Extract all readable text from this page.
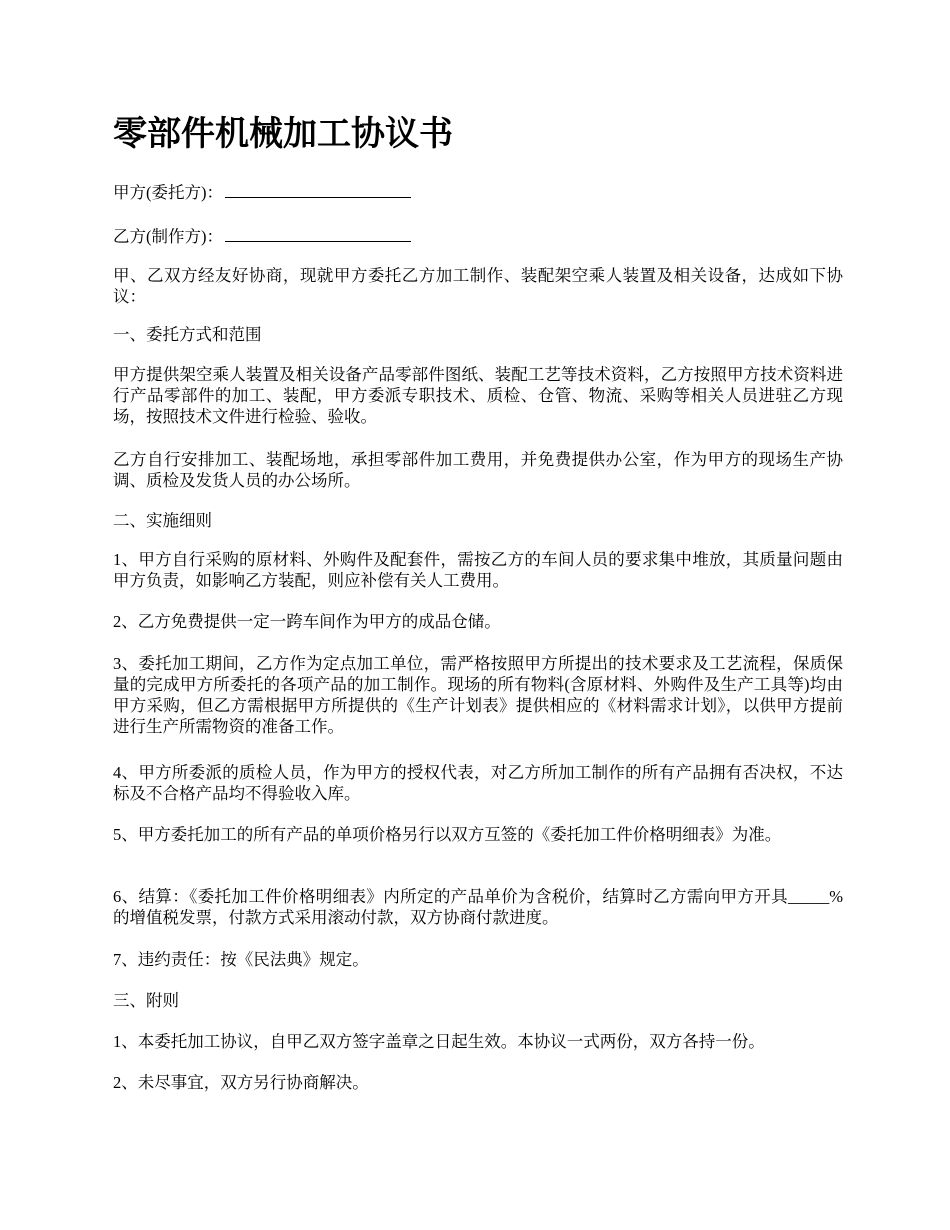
零部件机械加工协议书

甲方(委托方)：

乙方(制作方)：

甲、乙双方经友好协商，现就甲方委托乙方加工制作、装配架空乘人装置及相关设备，达成如下协议：

一、委托方式和范围

甲方提供架空乘人装置及相关设备产品零部件图纸、装配工艺等技术资料，乙方按照甲方技术资料进行产品零部件的加工、装配，甲方委派专职技术、质检、仓管、物流、采购等相关人员进驻乙方现场，按照技术文件进行检验、验收。

乙方自行安排加工、装配场地，承担零部件加工费用，并免费提供办公室，作为甲方的现场生产协调、质检及发货人员的办公场所。

二、实施细则

1、甲方自行采购的原材料、外购件及配套件，需按乙方的车间人员的要求集中堆放，其质量问题由甲方负责，如影响乙方装配，则应补偿有关人工费用。

2、乙方免费提供一定一跨车间作为甲方的成品仓储。

3、委托加工期间，乙方作为定点加工单位，需严格按照甲方所提出的技术要求及工艺流程，保质保量的完成甲方所委托的各项产品的加工制作。现场的所有物料(含原材料、外购件及生产工具等)均由甲方采购，但乙方需根据甲方所提供的《生产计划表》提供相应的《材料需求计划》，以供甲方提前进行生产所需物资的准备工作。

4、甲方所委派的质检人员，作为甲方的授权代表，对乙方所加工制作的所有产品拥有否决权，不达标及不合格产品均不得验收入库。

5、甲方委托加工的所有产品的单项价格另行以双方互签的《委托加工件价格明细表》为准。

6、结算：《委托加工件价格明细表》内所定的产品单价为含税价，结算时乙方需向甲方开具_____%的增值税发票，付款方式采用滚动付款，双方协商付款进度。

7、违约责任：按《民法典》规定。

三、附则

1、本委托加工协议，自甲乙双方签字盖章之日起生效。本协议一式两份，双方各持一份。

2、未尽事宜，双方另行协商解决。
